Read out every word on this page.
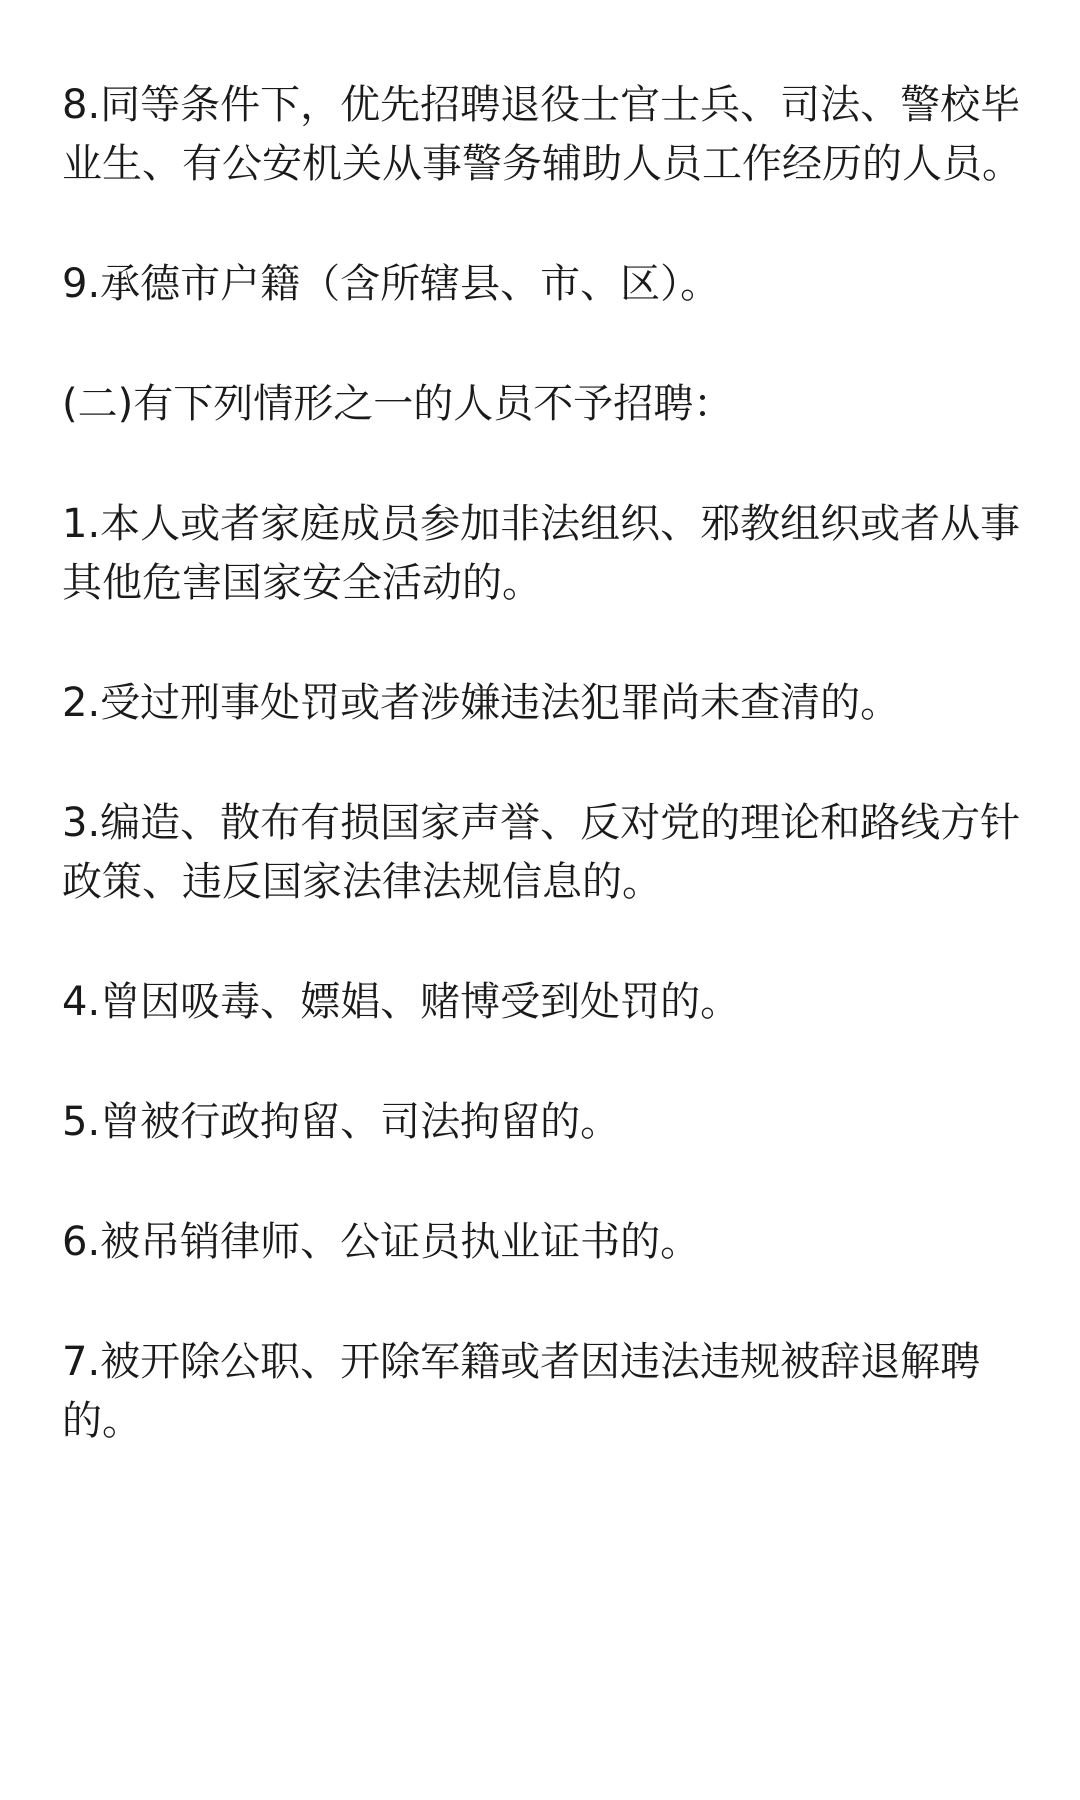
8.同等条件下，优先招聘退役士官士兵、司法、警校毕业生、有公安机关从事警务辅助人员工作经历的人员。

9.承德市户籍（含所辖县、市、区）。

(二)有下列情形之一的人员不予招聘：

1.本人或者家庭成员参加非法组织、邪教组织或者从事其他危害国家安全活动的。

2.受过刑事处罚或者涉嫌违法犯罪尚未查清的。

3.编造、散布有损国家声誉、反对党的理论和路线方针政策、违反国家法律法规信息的。

4.曾因吸毒、嫖娼、赌博受到处罚的。

5.曾被行政拘留、司法拘留的。

6.被吊销律师、公证员执业证书的。

7.被开除公职、开除军籍或者因违法违规被辞退解聘的。
